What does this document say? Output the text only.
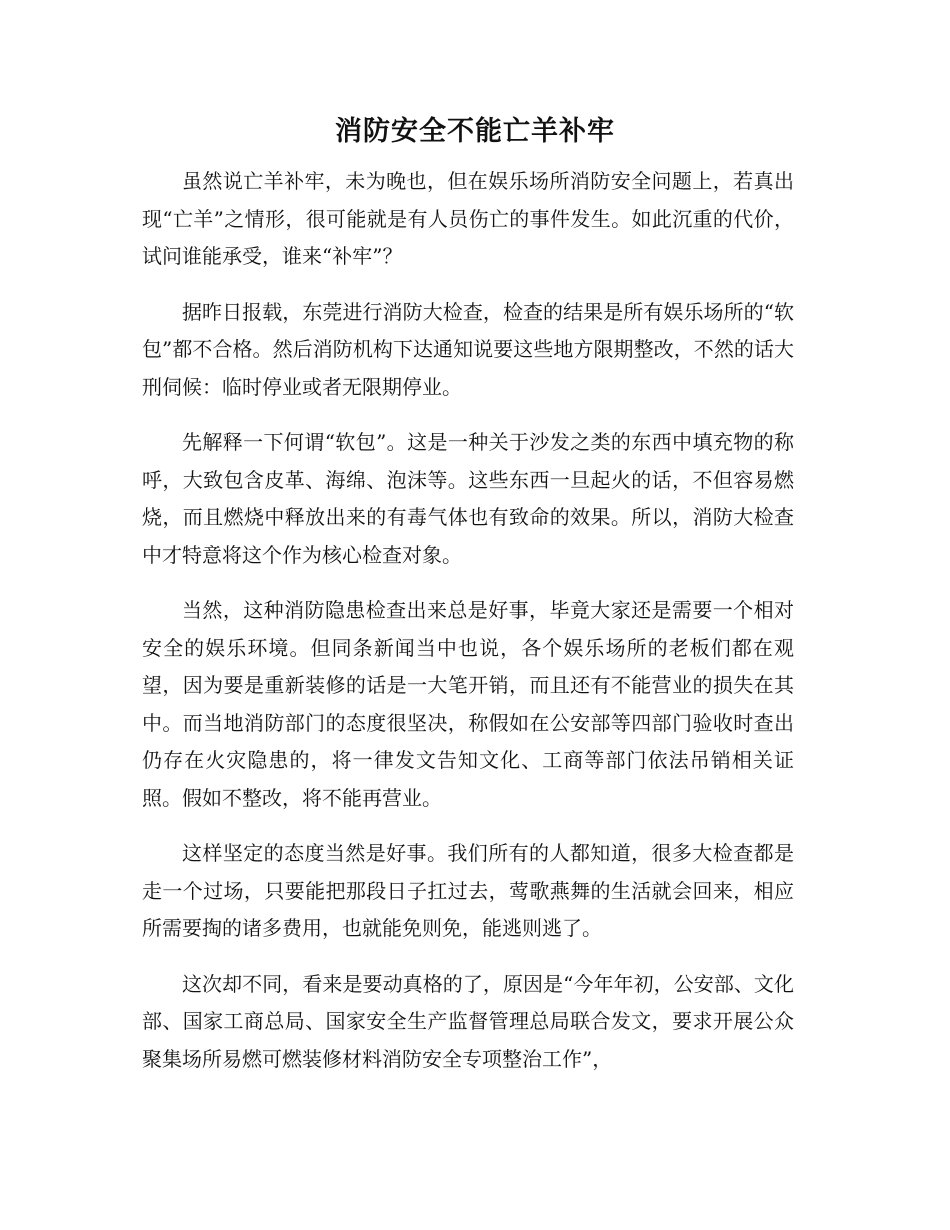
消防安全不能亡羊补牢

虽然说亡羊补牢，未为晚也，但在娱乐场所消防安全问题上，若真出现“亡羊”之情形，很可能就是有人员伤亡的事件发生。如此沉重的代价，试问谁能承受，谁来“补牢”？

据昨日报载，东莞进行消防大检查，检查的结果是所有娱乐场所的“软包”都不合格。然后消防机构下达通知说要这些地方限期整改，不然的话大刑伺候：临时停业或者无限期停业。

先解释一下何谓“软包”。这是一种关于沙发之类的东西中填充物的称呼，大致包含皮革、海绵、泡沫等。这些东西一旦起火的话，不但容易燃烧，而且燃烧中释放出来的有毒气体也有致命的效果。所以，消防大检查中才特意将这个作为核心检查对象。

当然，这种消防隐患检查出来总是好事，毕竟大家还是需要一个相对安全的娱乐环境。但同条新闻当中也说，各个娱乐场所的老板们都在观望，因为要是重新装修的话是一大笔开销，而且还有不能营业的损失在其中。而当地消防部门的态度很坚决，称假如在公安部等四部门验收时查出仍存在火灾隐患的，将一律发文告知文化、工商等部门依法吊销相关证照。假如不整改，将不能再营业。

这样坚定的态度当然是好事。我们所有的人都知道，很多大检查都是走一个过场，只要能把那段日子扛过去，莺歌燕舞的生活就会回来，相应所需要掏的诸多费用，也就能免则免，能逃则逃了。

这次却不同，看来是要动真格的了，原因是“今年年初，公安部、文化部、国家工商总局、国家安全生产监督管理总局联合发文，要求开展公众聚集场所易燃可燃装修材料消防安全专项整治工作”，
